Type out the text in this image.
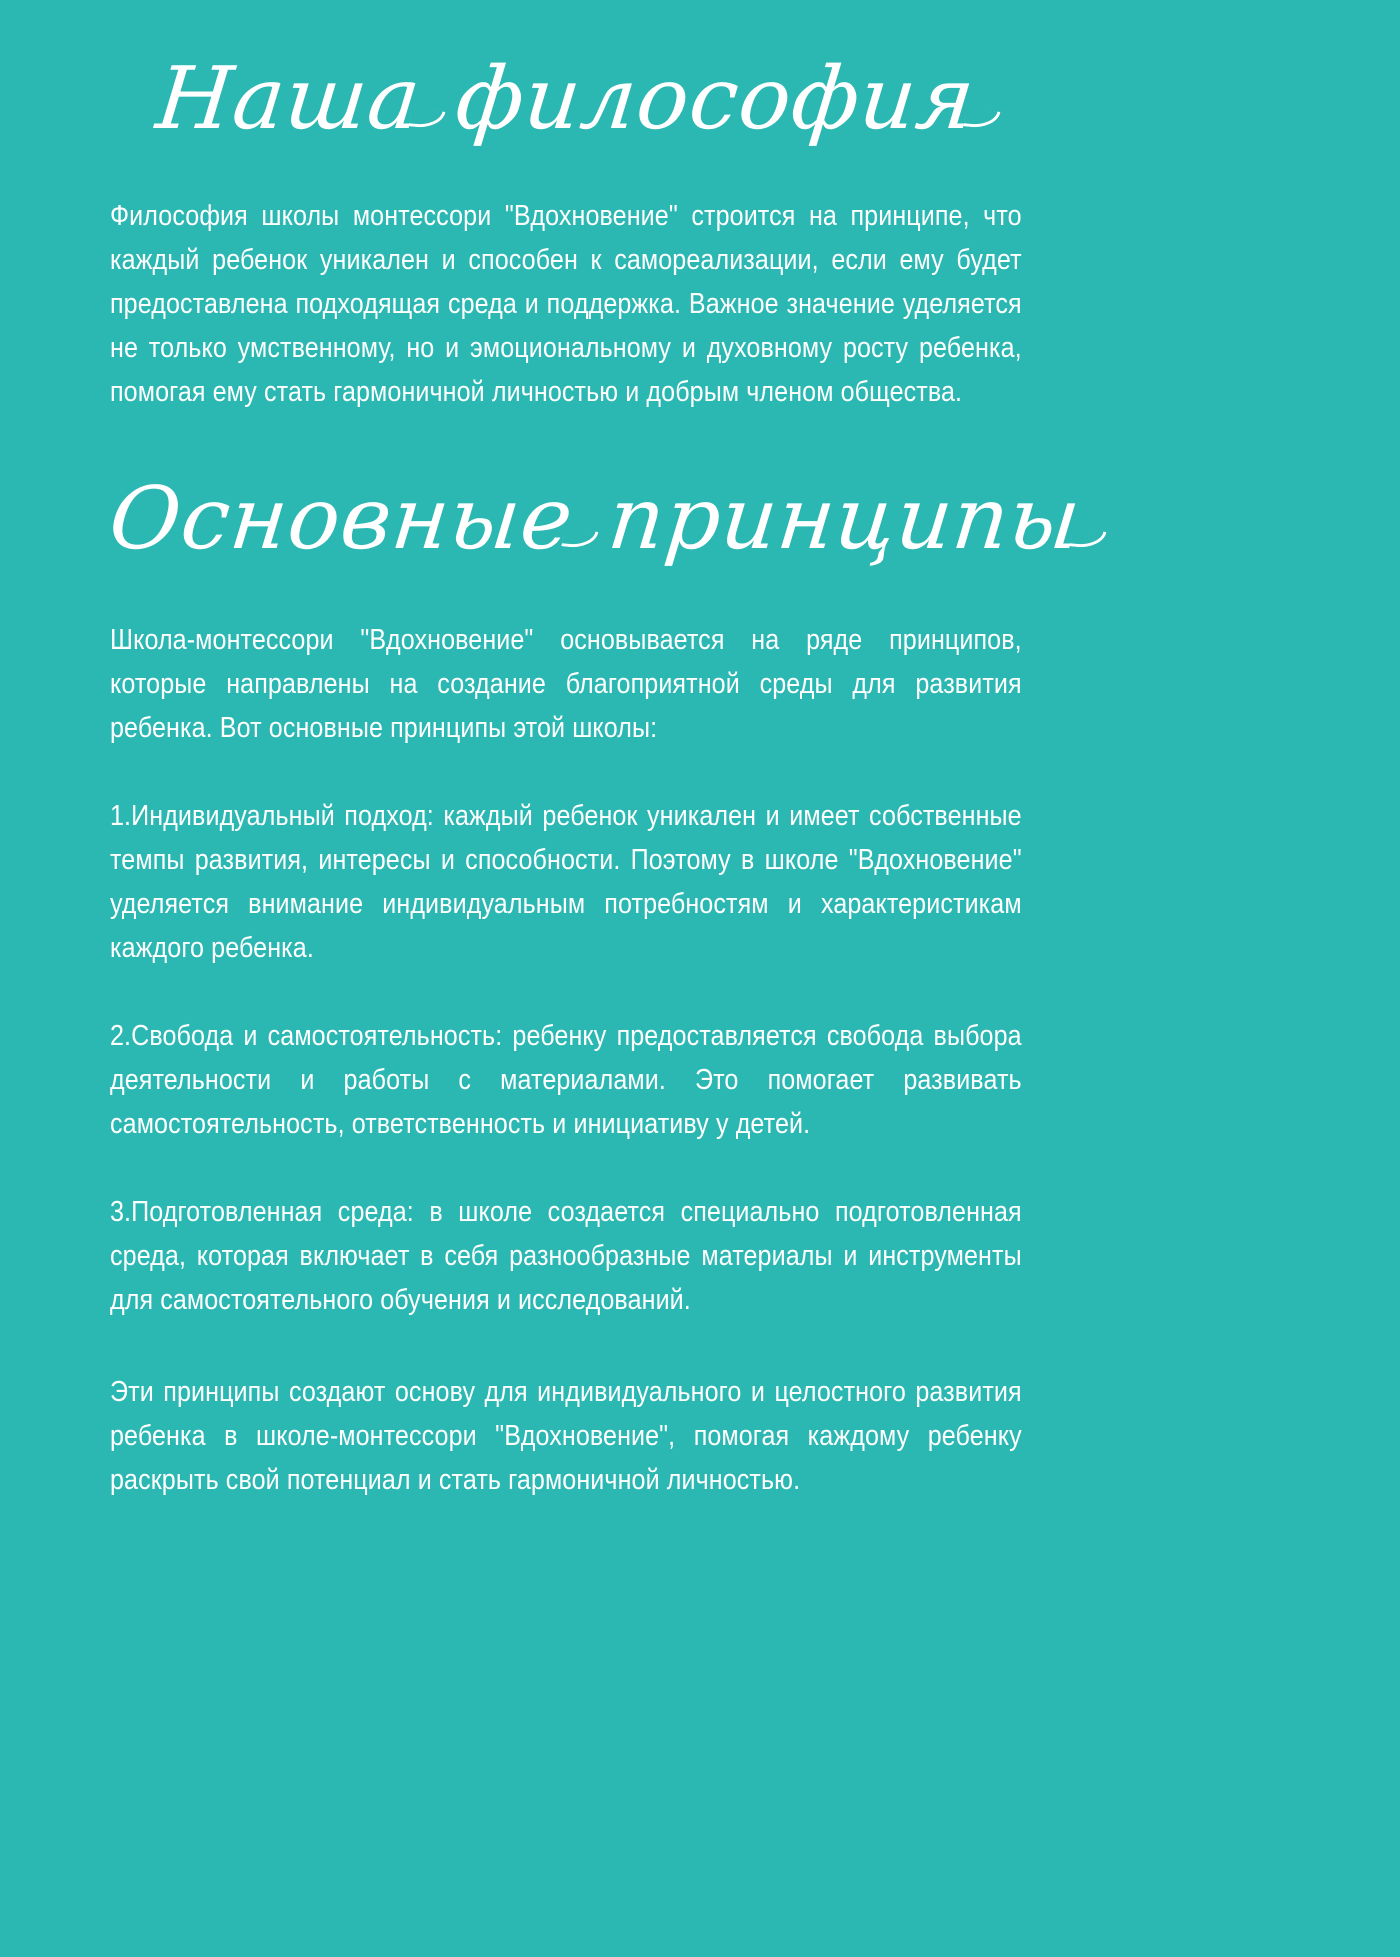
Наша философия

Философия школы монтессори "Вдохновение" строится на принципе, что каждый ребенок уникален и способен к самореализации, если ему будет предоставлена подходящая среда и поддержка. Важное значение уделяется не только умственному, но и эмоциональному и духовному росту ребенка, помогая ему стать гармоничной личностью и добрым членом общества.

Основные принципы

Школа-монтессори "Вдохновение" основывается на ряде принципов, которые направлены на создание благоприятной среды для развития ребенка. Вот основные принципы этой школы:

1.Индивидуальный подход: каждый ребенок уникален и имеет собственные темпы развития, интересы и способности. Поэтому в школе "Вдохновение" уделяется внимание индивидуальным потребностям и характеристикам каждого ребенка.

2.Свобода и самостоятельность: ребенку предоставляется свобода выбора деятельности и работы с материалами. Это помогает развивать самостоятельность, ответственность и инициативу у детей.

3.Подготовленная среда: в школе создается специально подготовленная среда, которая включает в себя разнообразные материалы и инструменты для самостоятельного обучения и исследований.

Эти принципы создают основу для индивидуального и целостного развития ребенка в школе-монтессори "Вдохновение", помогая каждому ребенку раскрыть свой потенциал и стать гармоничной личностью.
